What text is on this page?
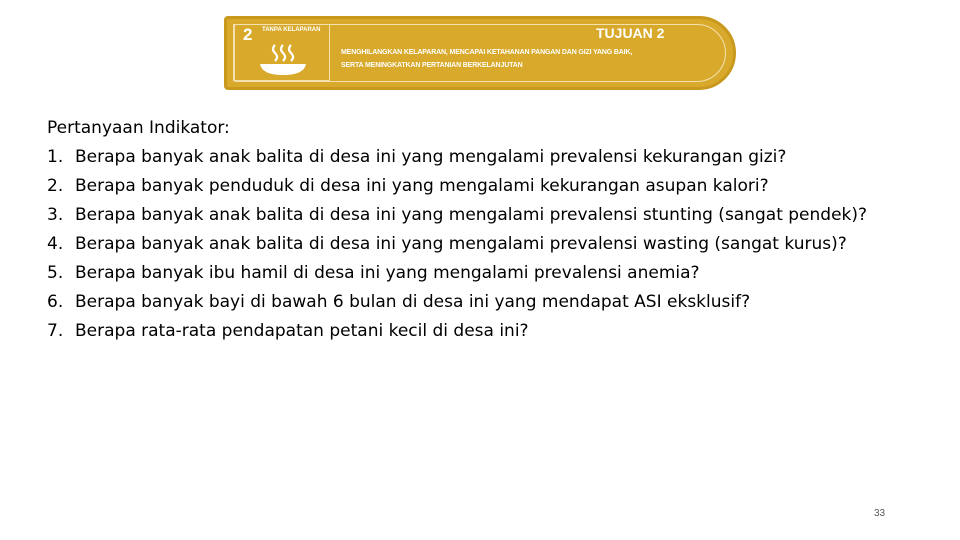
2 TANPA KELAPARAN	TUJUAN 2
MENGHILANGKAN KELAPARAN, MENCAPAI KETAHANAN PANGAN DAN GIZI YANG BAIK,
SERTA MENINGKATKAN PERTANIAN BERKELANJUTAN
Pertanyaan Indikator:
1. Berapa banyak anak balita di desa ini yang mengalami prevalensi kekurangan gizi?
2. Berapa banyak penduduk di desa ini yang mengalami kekurangan asupan kalori?
3. Berapa banyak anak balita di desa ini yang mengalami prevalensi stunting (sangat pendek)?
4. Berapa banyak anak balita di desa ini yang mengalami prevalensi wasting (sangat kurus)?
5. Berapa banyak ibu hamil di desa ini yang mengalami prevalensi anemia?
6. Berapa banyak bayi di bawah 6 bulan di desa ini yang mendapat ASI eksklusif?
7. Berapa rata-rata pendapatan petani kecil di desa ini?
33
